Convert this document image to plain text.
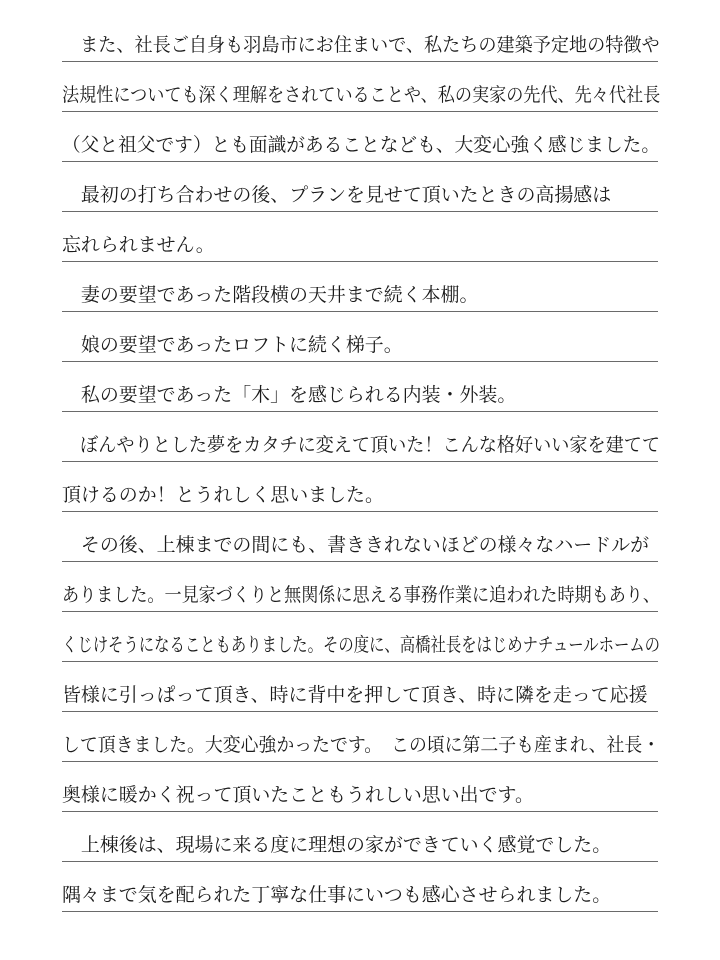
　また、社長ご自身も羽島市にお住まいで、私たちの建築予定地の特徴や
法規性についても深く理解をされていることや、私の実家の先代、先々代社長
（父と祖父です）とも面識があることなども、大変心強く感じました。
　最初の打ち合わせの後、プランを見せて頂いたときの高揚感は
忘れられません。
　妻の要望であった階段横の天井まで続く本棚。
　娘の要望であったロフトに続く梯子。
　私の要望であった「木」を感じられる内装・外装。
　ぼんやりとした夢をカタチに変えて頂いた！こんな格好いい家を建てて
頂けるのか！とうれしく思いました。
　その後、上棟までの間にも、書ききれないほどの様々なハードルが
ありました。一見家づくりと無関係に思える事務作業に追われた時期もあり、
くじけそうになることもありました。その度に、高橋社長をはじめナチュールホームの
皆様に引っぱって頂き、時に背中を押して頂き、時に隣を走って応援
して頂きました。大変心強かったです。　この頃に第二子も産まれ、社長・
奥様に暖かく祝って頂いたこともうれしい思い出です。
　上棟後は、現場に来る度に理想の家ができていく感覚でした。
隅々まで気を配られた丁寧な仕事にいつも感心させられました。
